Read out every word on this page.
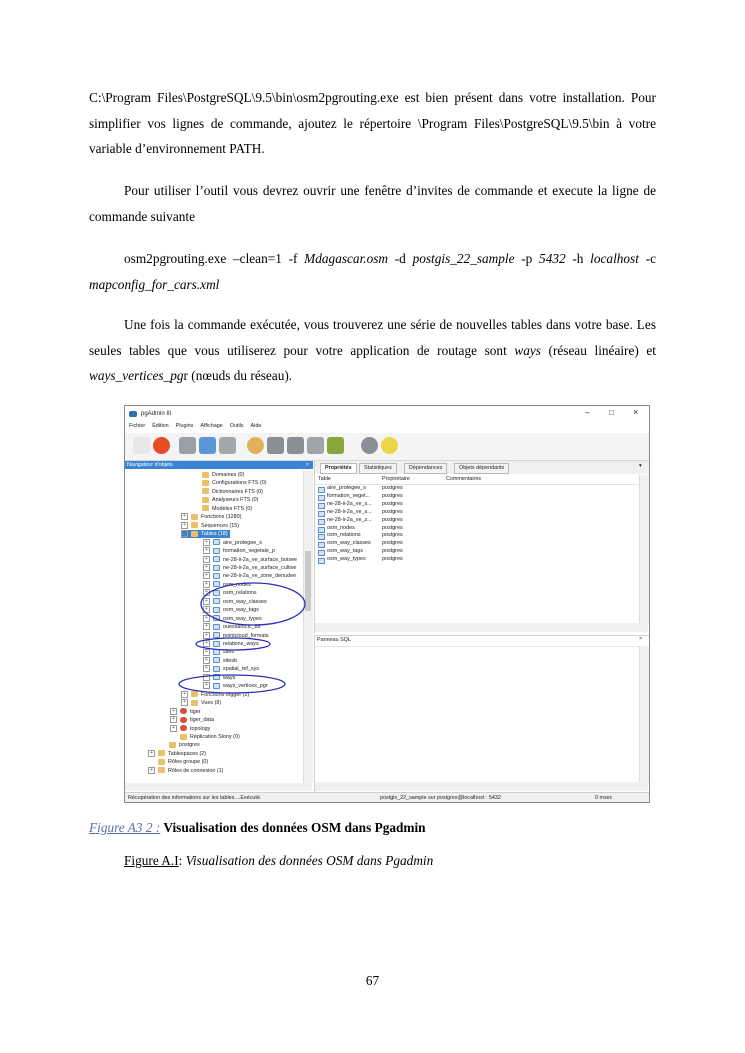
C:\Program Files\PostgreSQL\9.5\bin\osm2pgrouting.exe est bien présent dans votre installation. Pour simplifier vos lignes de commande, ajoutez le répertoire \Program Files\PostgreSQL\9.5\bin à votre variable d’environnement PATH.

Pour utiliser l’outil vous devrez ouvrir une fenêtre d’invites de commande et execute la ligne de commande suivante

osm2pgrouting.exe –clean=1 -f Mdagascar.osm -d postgis_22_sample -p 5432 -h localhost -c mapconfig_for_cars.xml

Une fois la commande exécutée, vous trouverez une série de nouvelles tables dans votre base. Les seules tables que vous utiliserez pour votre application de routage sont ways (réseau linéaire) et ways_vertices_pgr (nœuds du réseau).

pgAdmin III	– □ ×
Fichier Édition Plugins Affichage Outils Aide
Navigateur d'objets	×
Domaines (0)
Configurations FTS (0)
Dictionnaires FTS (0)
Analyseurs FTS (0)
Modèles FTS (0)
+	Fonctions (1280)
+	Séquences (15)
−	Tables (18)
+	aire_protegee_s
+	formation_vegetale_p
+	ne-28-ii-2a_ve_surface_boisee
+	ne-28-ii-2a_ve_surface_cultive
+	ne-28-ii-2a_ve_zone_denudee
+	osm_nodes
+	osm_relations
+	osm_way_classes
+	osm_way_tags
+	osm_way_types
+	ouessantclc_89
+	pointcloud_formats
+	relations_ways
+	sites
+	sitesb
+	spatial_ref_sys
+	ways
+	ways_vertices_pgr
+	Fonctions trigger (2)
+	Vues (8)
+	tiger
+	tiger_data
+	topology
Réplication Slony (0)
postgres
+	Tablespaces (2)
Rôles groupe (0)
+	Rôles de connexion (1)
Propriétés	Statistiques	Dépendances	Objets dépendants	▾
Table	Propriétaire	Commentaires
aire_protegee_s	postgres
formation_veget... postgres
ne-28-ii-2a_ve_s... postgres
ne-28-ii-2a_ve_s... postgres
ne-28-ii-2a_ve_z... postgres
osm_nodes	postgres
osm_relations	postgres
osm_way_classes postgres
osm_way_tags	postgres
osm_way_types	postgres
Panneau SQL	×
Récupération des informations sur les tables....Exécuté.	postgis_22_sample sur postgres@localhost : 5432	0 msec
Figure A3 2 : Visualisation des données OSM dans Pgadmin
Figure A.I: Visualisation des données OSM dans Pgadmin
67
